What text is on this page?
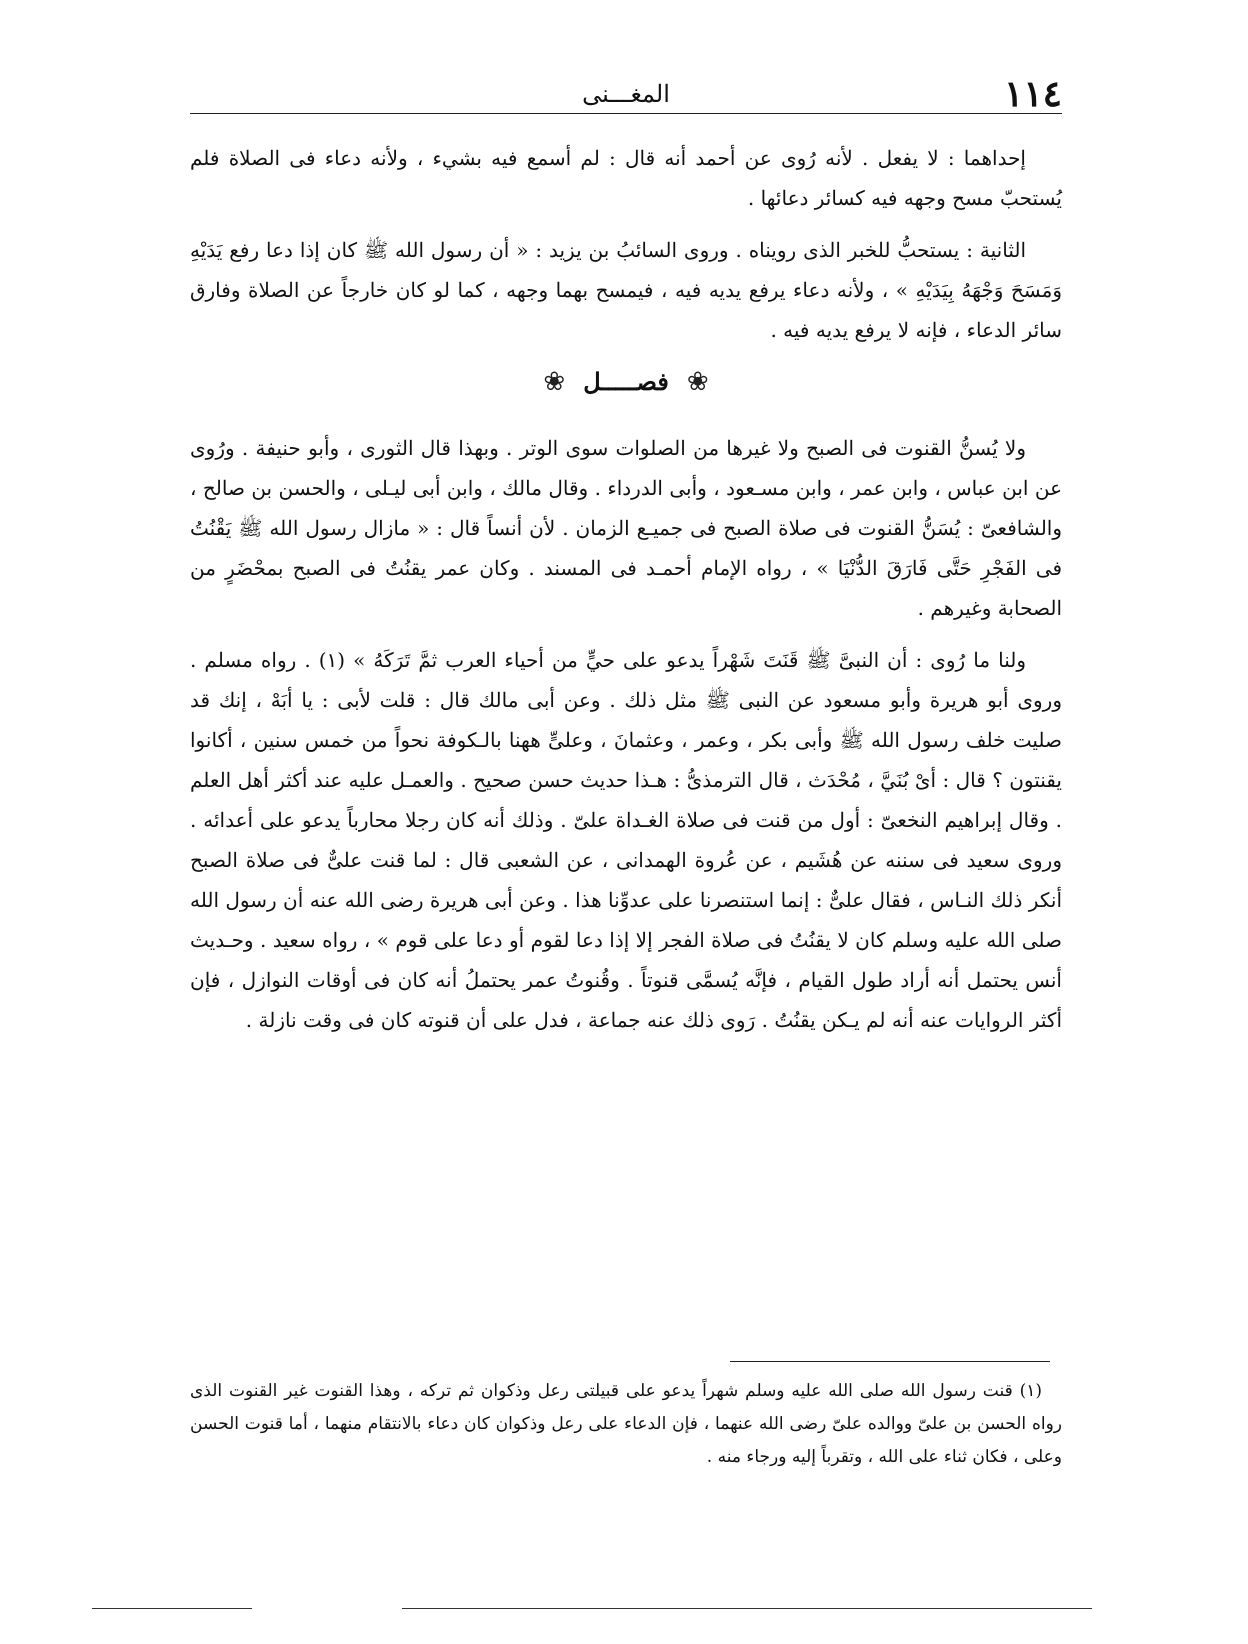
١١٤
المغـــنى

إحداهما : لا يفعل . لأنه رُوى عن أحمد أنه قال : لم أسمع فيه بشيء ، ولأنه دعاء فى الصلاة فلم يُستحبّ مسح وجهه فيه كسائر دعائها .

الثانية : يستحبُّ للخبر الذى رويناه . وروى السائبُ بن يزيد : « أن رسول الله ﷺ كان إذا دعا رفع يَدَيْهِ وَمَسَحَ وَجْهَهُ بِيَدَيْهِ » ، ولأنه دعاء يرفع يديه فيه ، فيمسح بهما وجهه ، كما لو كان خارجاً عن الصلاة وفارق سائر الدعاء ، فإنه لا يرفع يديه فيه .

❀
فصـــــل
❀

ولا يُسنُّ القنوت فى الصبح ولا غيرها من الصلوات سوى الوتر . وبهذا قال الثورى ، وأبو حنيفة . ورُوى عن ابن عباس ، وابن عمر ، وابن مسـعود ، وأبى الدرداء . وقال مالك ، وابن أبى ليـلى ، والحسن بن صالح ، والشافعىّ : يُسَنُّ القنوت فى صلاة الصبح فى جميـع الزمان . لأن أنساً قال : « مازال رسول الله ﷺ يَقْنُتُ فى الفَجْرِ حَتَّى فَارَقَ الدُّنْيَا » ، رواه الإمام أحمـد فى المسند . وكان عمر يقنُتُ فى الصبح بمحْضَرٍ من الصحابة وغيرهم .

ولنا ما رُوى : أن النبىَّ ﷺ قَنَتَ شَهْراً يدعو على حيٍّ من أحياء العرب ثمَّ تَرَكَهُ » (١) . رواه مسلم . وروى أبو هريرة وأبو مسعود عن النبى ﷺ مثل ذلك . وعن أبى مالك قال : قلت لأبى : يا أبَهْ ، إنك قد صليت خلف رسول الله ﷺ وأبى بكر ، وعمر ، وعثمانَ ، وعلىٍّ ههنا بالـكوفة نحواً من خمس سنين ، أكانوا يقنتون ؟ قال : أىْ بُنَيَّ ، مُحْدَث ، قال الترمذىُّ : هـذا حديث حسن صحيح . والعمـل عليه عند أكثر أهل العلم . وقال إبراهيم النخعىّ : أول من قنت فى صلاة الغـداة علىّ . وذلك أنه كان رجلا محارباً يدعو على أعدائه . وروى سعيد فى سننه عن هُشَيم ، عن عُروة الهمدانى ، عن الشعبى قال : لما قنت علىٌّ فى صلاة الصبح أنكر ذلك النـاس ، فقال علىٌّ : إنما استنصرنا على عدوِّنا هذا . وعن أبى هريرة رضى الله عنه أن رسول الله صلى الله عليه وسلم كان لا يقنُتُ فى صلاة الفجر إلا إذا دعا لقوم أو دعا على قوم » ، رواه سعيد . وحـديث أنس يحتمل أنه أراد طول القيام ، فإنَّه يُسمَّى قنوتاً . وقُنوتُ عمر يحتملُ أنه كان فى أوقات النوازل ، فإن أكثر الروايات عنه أنه لم يـكن يقنُتُ . رَوى ذلك عنه جماعة ، فدل على أن قنوته كان فى وقت نازلة .

(١) قنت رسول الله صلى الله عليه وسلم شهراً يدعو على قبيلتى رعل وذكوان ثم تركه ، وهذا القنوت غير القنوت الذى رواه الحسن بن علىّ ووالده علىّ رضى الله عنهما ، فإن الدعاء على رعل وذكوان كان دعاء بالانتقام منهما ، أما قنوت الحسن وعلى ، فكان ثناء على الله ، وتقرباً إليه ورجاء منه .
